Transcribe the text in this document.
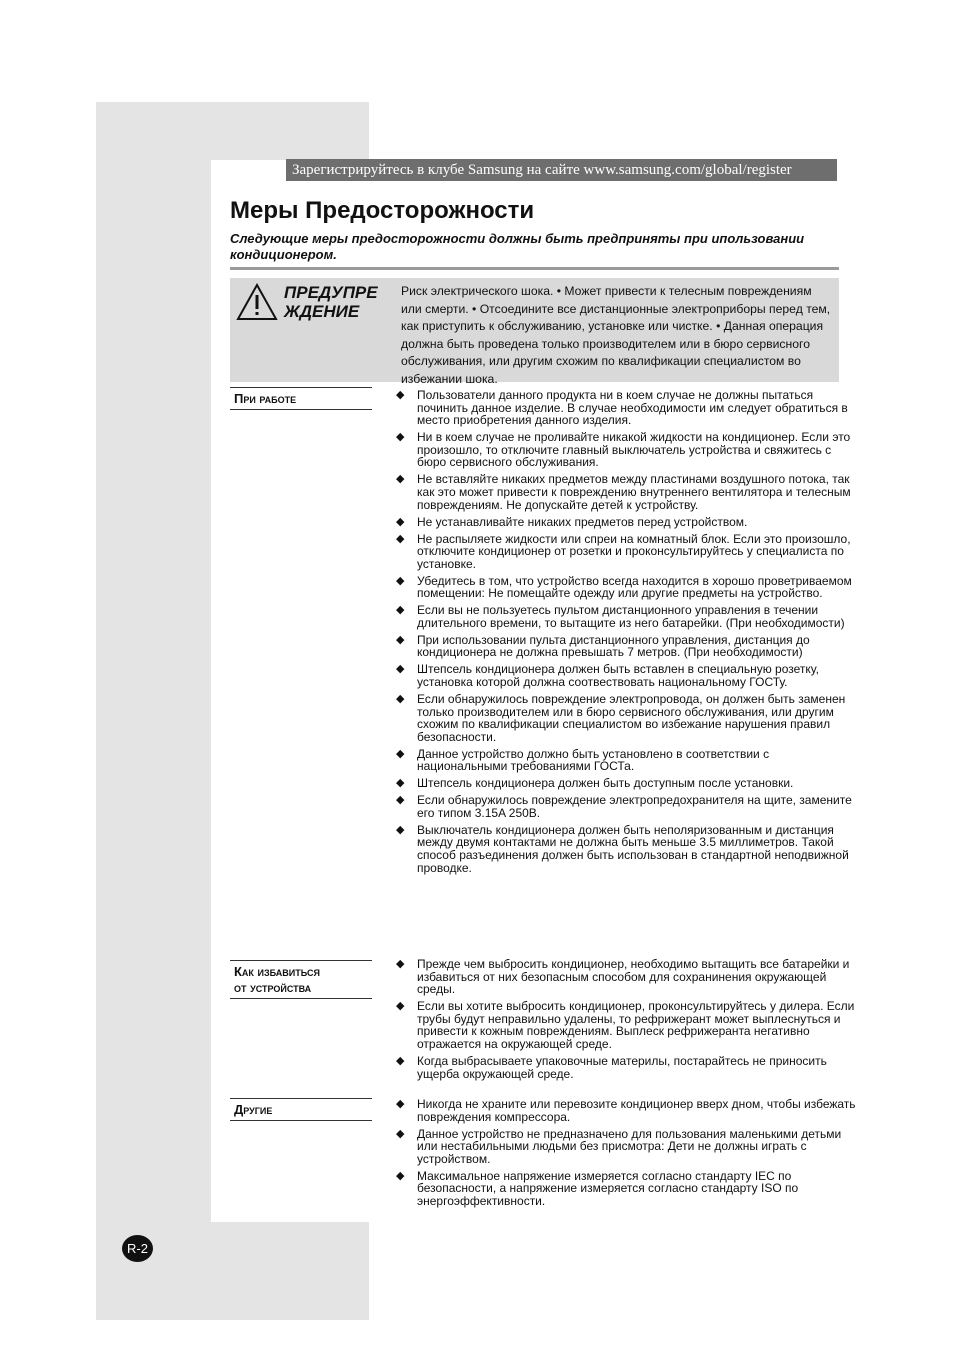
Зарегистрируйтесь в клубе Samsung на сайте www.samsung.com/global/register
Меры Предосторожности
Следующие меры предосторожности должны быть предприняты при ипользовании кондиционером.
ПРЕДУПРЕ
ЖДЕНИЕ
Риск электрического шока. • Может привести к телесным повреждениям или смерти. • Отсоедините все дистанционные электроприборы перед тем, как приступить к обслуживанию, установке или чистке. • Данная операция должна быть проведена только производителем или в бюро сервисного обслуживания, или другим схожим по квалификации специалистом во избежании шока.
При работе	◆ Пользователи данного продукта ни в коем случае не должны пытаться починить данное изделие. В случае необходимости им следует обратиться в место приобретения данного изделия.
◆ Ни в коем случае не проливайте никакой жидкости на кондиционер. Если это произошло, то отключите главный выключатель устройства и свяжитесь с бюро сервисного обслуживания.
◆ Не вставляйте никаких предметов между пластинами воздушного потока, так как это может привести к повреждению внутреннего вентилятора и телесным повреждениям. Не допускайте детей к устройству.
◆ Не устанавливайте никаких предметов перед устройством.
◆ Не распыляете жидкости или спреи на комнатный блок. Если это произошло, отключите кондиционер от розетки и проконсультируйтесь у специалиста по установке.
◆ Убедитесь в том, что устройство всегда находится в хорошо проветриваемом помещении: Не помещайте одежду или другие предметы на устройство.
◆ Если вы не пользуетесь пультом дистанционного управления в течении длительного времени, то вытащите из него батарейки. (При необходимости)
◆ При использовании пульта дистанционного управления, дистанция до кондиционера не должна превышать 7 метров. (При необходимости)
◆ Штепсель кондиционера должен быть вставлен в специальную розетку, установка которой должна соотвествовать национальному ГОСТу.
◆ Если обнаружилось повреждение электропровода, он должен быть заменен только производителем или в бюро сервисного обслуживания, или другим схожим по квалификации специалистом во избежание нарушения правил безопасности.
◆ Данное устройство должно быть установлено в соответствии с национальными требованиями ГОСТа.
◆ Штепсель кондиционера должен быть доступным после установки.
◆ Если обнаружилось повреждение электропредохранителя на щите, замените его типом 3.15A 250B.
◆ Выключатель кондиционера должен быть неполяризованным и дистанция между двумя контактами не должна быть меньше 3.5 миллиметров. Такой способ разъединения должен быть использован в стандартной неподвижной проводке.
Как избавиться
от устройства
◆ Прежде чем выбросить кондиционер, необходимо вытащить все батарейки и избавиться от них безопасным способом для сохранинения окружающей среды.
◆ Если вы хотите выбросить кондиционер, проконсультируйтесь у дилера. Если трубы будут неправильно удалены, то рефрижерант может выплеснуться и привести к кожным повреждениям. Выплеск рефрижеранта негативно отражается на окружающей среде.
◆ Когда выбрасываете упаковочные материлы, постарайтесь не приносить ущерба окружающей среде.
Другие	◆ Никогда не храните или перевозите кондиционер вверх дном, чтобы избежать повреждения компрессора.
◆ Данное устройство не предназначено для пользования маленькими детьми или нестабильными людьми без присмотра: Дети не должны играть с устройством.
◆ Максимальное напряжение измеряется согласно стандарту IEC по безопасности, а напряжение измеряется согласно стандарту ISO по энергоэффективности.
R-2
